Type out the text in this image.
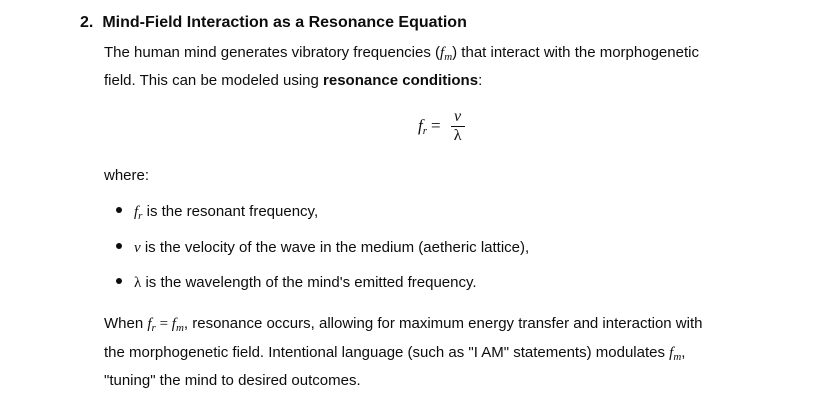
2. Mind-Field Interaction as a Resonance Equation
The human mind generates vibratory frequencies $(f_m)$ that interact with the morphogenetic
field. This can be modeled using resonance conditions:
$f_r = \frac{v}{\lambda}$
where:
$f_r$ is the resonant frequency,
v is the velocity of the wave in the medium (aetheric lattice),
λ is the wavelength of the mind's emitted frequency.
When $f_r = f_m$, resonance occurs, allowing for maximum energy transfer and interaction with
the morphogenetic field. Intentional language (such as "I AM" statements) modulates $f_m$,
"tuning" the mind to desired outcomes.
